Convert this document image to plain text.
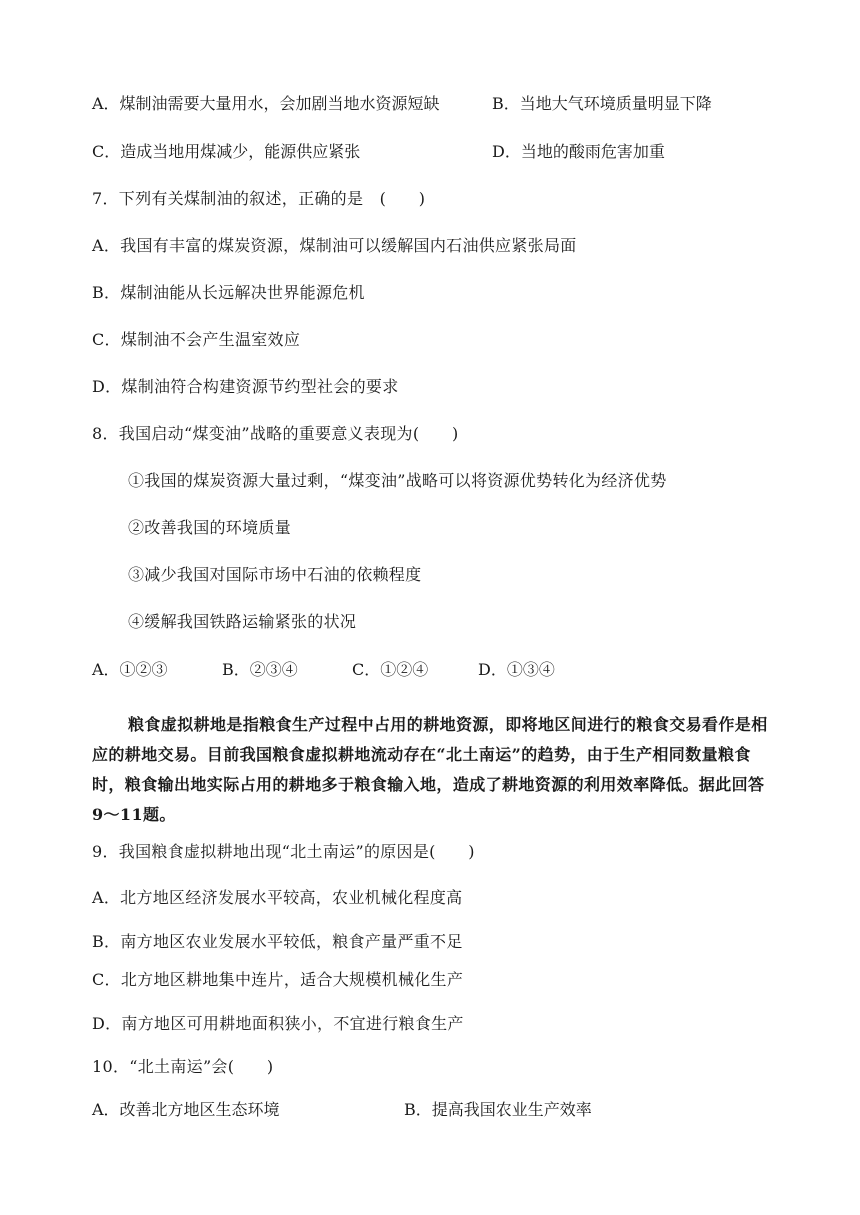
A．煤制油需要大量用水，会加剧当地水资源短缺	B．当地大气环境质量明显下降
C．造成当地用煤减少，能源供应紧张	D．当地的酸雨危害加重
7．下列有关煤制油的叙述，正确的是　(　　)
A．我国有丰富的煤炭资源，煤制油可以缓解国内石油供应紧张局面
B．煤制油能从长远解决世界能源危机
C．煤制油不会产生温室效应
D．煤制油符合构建资源节约型社会的要求
8．我国启动“煤变油”战略的重要意义表现为(　　)
①我国的煤炭资源大量过剩，“煤变油”战略可以将资源优势转化为经济优势
②改善我国的环境质量
③减少我国对国际市场中石油的依赖程度
④缓解我国铁路运输紧张的状况
A．①②③	B．②③④	C．①②④	D．①③④
粮食虚拟耕地是指粮食生产过程中占用的耕地资源，即将地区间进行的粮食交易看作是相应的耕地交易。目前我国粮食虚拟耕地流动存在“北土南运”的趋势，由于生产相同数量粮食时，粮食输出地实际占用的耕地多于粮食输入地，造成了耕地资源的利用效率降低。据此回答9～11题。
9．我国粮食虚拟耕地出现“北土南运”的原因是(　　)
A．北方地区经济发展水平较高，农业机械化程度高
B．南方地区农业发展水平较低，粮食产量严重不足
C．北方地区耕地集中连片，适合大规模机械化生产
D．南方地区可用耕地面积狭小，不宜进行粮食生产
10．“北土南运”会(　　)
A．改善北方地区生态环境	B．提高我国农业生产效率
